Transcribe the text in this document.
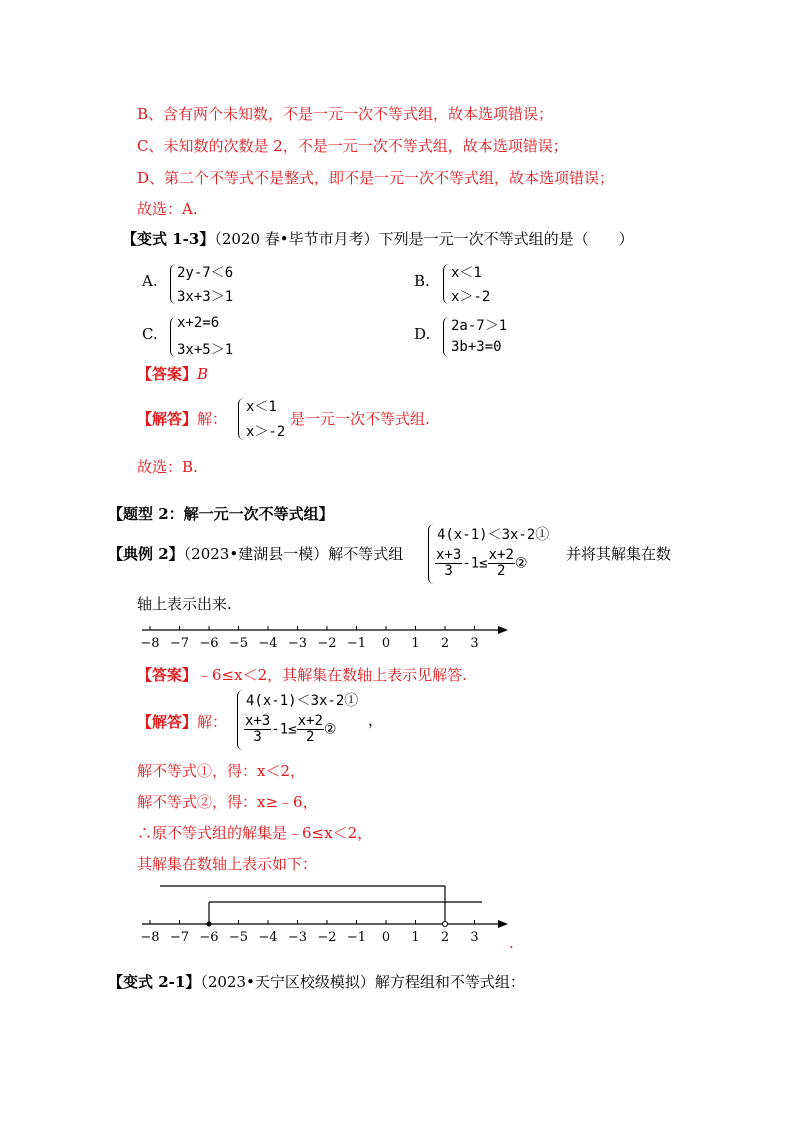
B、含有两个未知数，不是一元一次不等式组，故本选项错误；
C、未知数的次数是 2，不是一元一次不等式组，故本选项错误；
D、第二个不等式不是整式，即不是一元一次不等式组，故本选项错误；
故选：A.
【变式 1-3】（2020 春•毕节市月考）下列是一元一次不等式组的是（　　）
A. 2y-7＜6
3x+3＞1
B. x＜1
x＞-2
C.
x+2=6
3x+5＞1
D. 2a-7＞1
3b+3=0
【答案】B
【解答】解：
x＜1
x＞-2
是一元一次不等式组.
故选：B.
【题型 2：解一元一次不等式组】
【典例 2】（2023•建湖县一模）解不等式组
4(x-1)＜3x-2①
$\frac{x+3}{3} -1\le \frac{x+2}{2}$ ②
并将其解集在数
轴上表示出来.
−8 −7 −6 −5 −4 −3 −2 −1 0 1 2 3
【答案】﹣6≤x＜2，其解集在数轴上表示见解答.
【解答】解：
4(x-1)＜3x-2①
$\frac{x+3}{3} -1\le \frac{x+2}{2}$ ②
，
解不等式①，得：x＜2，
解不等式②，得：x≥﹣6，
∴原不等式组的解集是﹣6≤x＜2，
其解集在数轴上表示如下：
−8 −7 −6 −5 −4 −3 −2 −1 0 1 2 3 .
【变式 2-1】（2023•天宁区校级模拟）解方程组和不等式组：
